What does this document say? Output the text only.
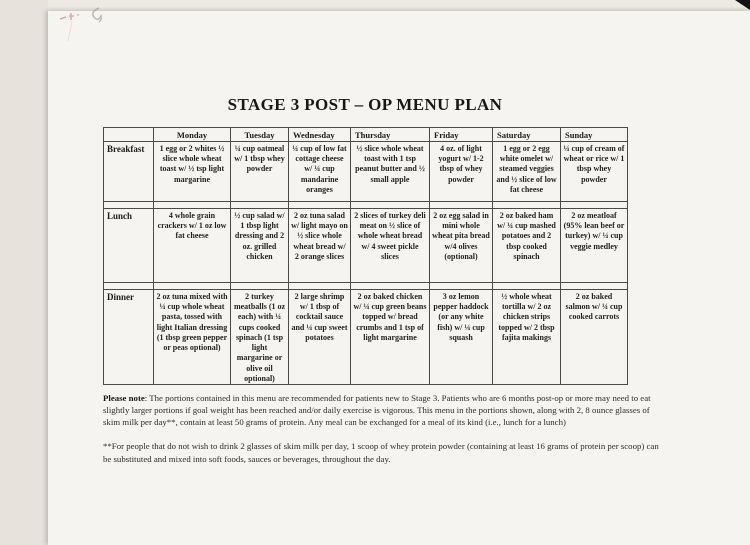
STAGE 3 POST – OP MENU PLAN
	Monday	Tuesday	Wednesday	Thursday	Friday	Saturday	Sunday
Breakfast	1 egg or 2 whites ½ slice whole wheat toast w/ ½ tsp light margarine	¼ cup oatmeal w/ 1 tbsp whey powder	¼ cup of low fat cottage cheese w/ ¼ cup mandarine oranges	½ slice whole wheat toast with 1 tsp peanut butter and ½ small apple	4 oz. of light yogurt w/ 1-2 tbsp of whey powder	1 egg or 2 egg white omelet w/ steamed veggies and ½ slice of low fat cheese	¼ cup of cream of wheat or rice w/ 1 tbsp whey powder

Lunch	4 whole grain crackers w/ 1 oz low fat cheese	½ cup salad w/ 1 tbsp light dressing and 2 oz. grilled chicken	2 oz tuna salad w/ light mayo on ½ slice whole wheat bread w/ 2 orange slices	2 slices of turkey deli meat on ½ slice of whole wheat bread w/ 4 sweet pickle slices	2 oz egg salad in mini whole wheat pita bread w/4 olives (optional)	2 oz baked ham w/ ¼ cup mashed potatoes and 2 tbsp cooked spinach	2 oz meatloaf (95% lean beef or turkey) w/ ¼ cup veggie medley

Dinner	2 oz tuna mixed with ¼ cup whole wheat pasta, tossed with light Italian dressing (1 tbsp green pepper or peas optional)	2 turkey meatballs (1 oz each) with ¼ cups cooked spinach (1 tsp light margarine or olive oil optional)	2 large shrimp w/ 1 tbsp of cocktail sauce and ¼ cup sweet potatoes	2 oz baked chicken w/ ¼ cup green beans topped w/ bread crumbs and 1 tsp of light margarine	3 oz lemon pepper haddock (or any white fish) w/ ¼ cup squash	½ whole wheat tortilla w/ 2 oz chicken strips topped w/ 2 tbsp fajita makings	2 oz baked salmon w/ ¼ cup cooked carrots

Please note: The portions contained in this menu are recommended for patients new to Stage 3. Patients who are 6 months post-op or more may need to eat slightly larger portions if goal weight has been reached and/or daily exercise is vigorous. This menu in the portions shown, along with 2, 8 ounce glasses of skim milk per day**, contain at least 50 grams of protein. Any meal can be exchanged for a meal of its kind (i.e., lunch for a lunch)

**For people that do not wish to drink 2 glasses of skim milk per day, 1 scoop of whey protein powder (containing at least 16 grams of protein per scoop) can be substituted and mixed into soft foods, sauces or beverages, throughout the day.
